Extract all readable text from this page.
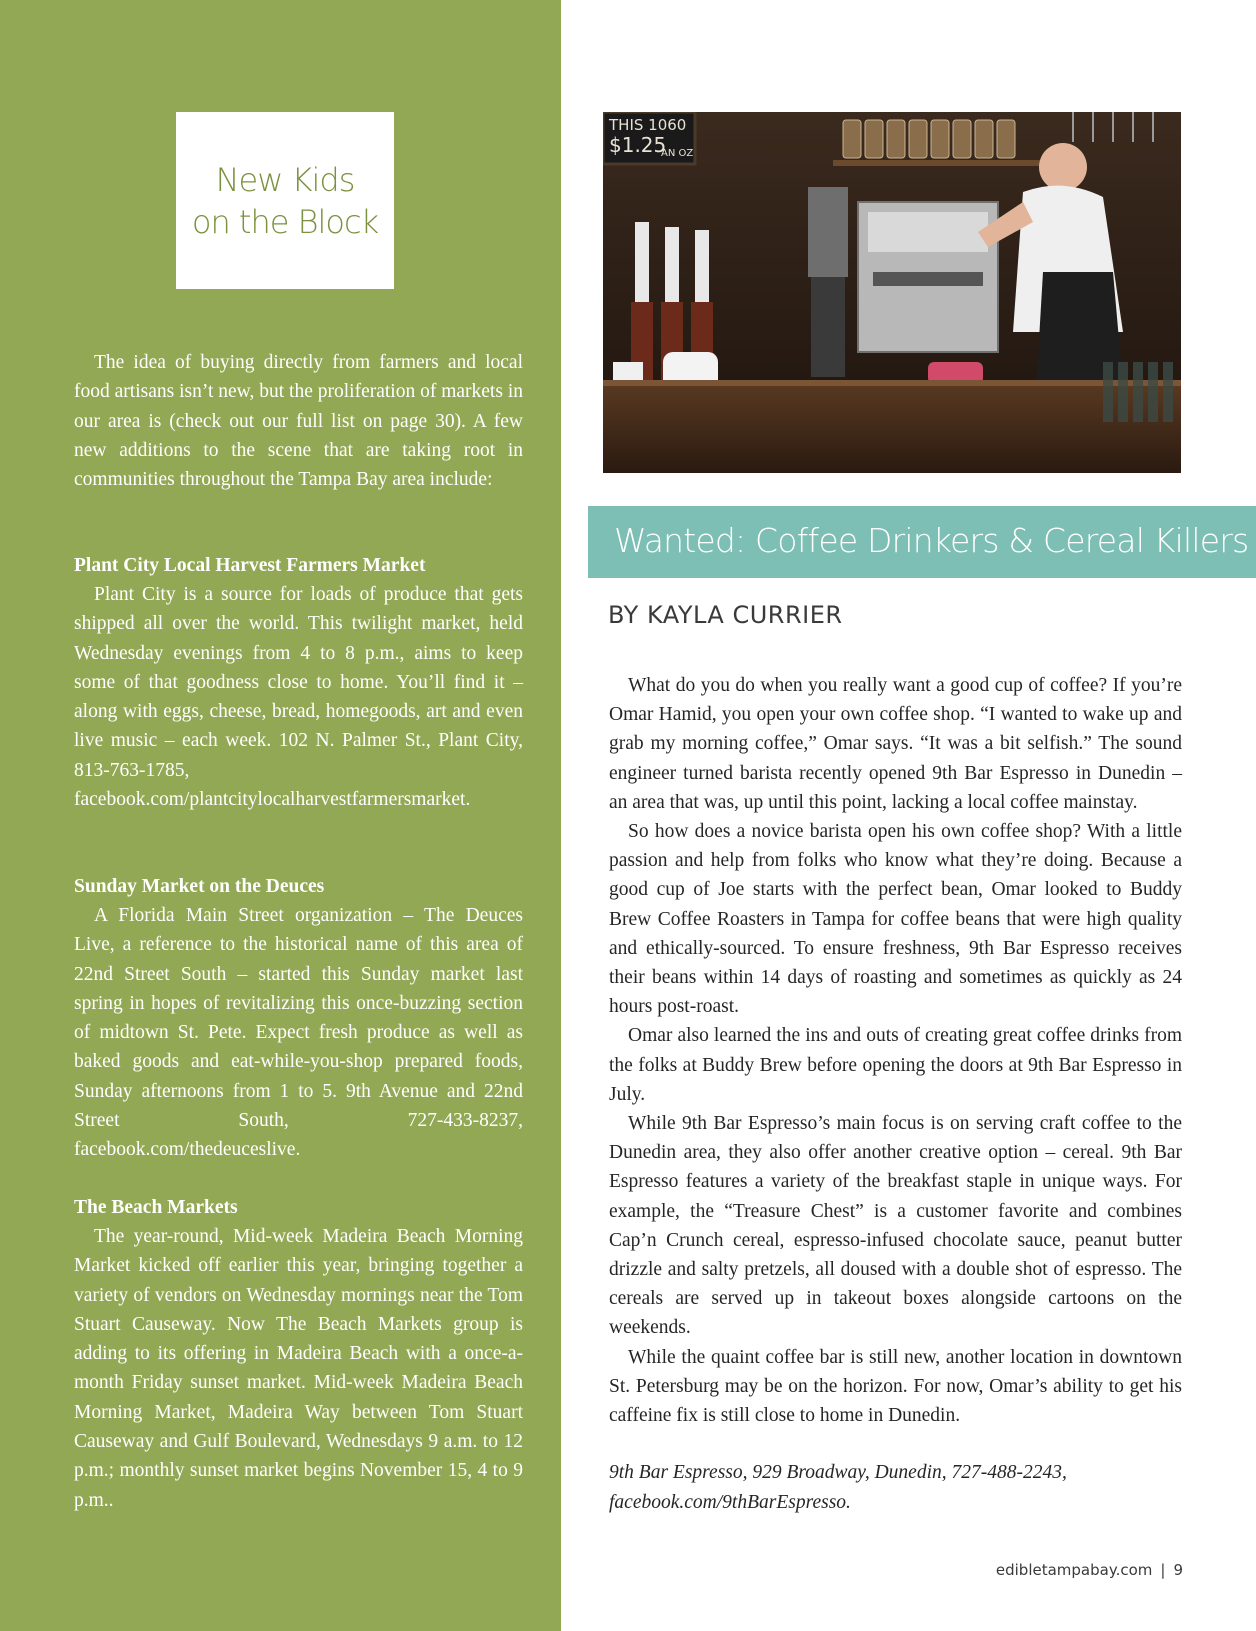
New Kids
on the Block

The idea of buying directly from farmers and local food artisans isn’t new, but the proliferation of markets in our area is (check out our full list on page 30). A few new additions to the scene that are taking root in communities throughout the Tampa Bay area include:

Plant City Local Harvest Farmers Market

Plant City is a source for loads of produce that gets shipped all over the world. This twilight market, held Wednesday evenings from 4 to 8 p.m., aims to keep some of that goodness close to home. You’ll find it – along with eggs, cheese, bread, homegoods, art and even live music – each week. 102 N. Palmer St., Plant City, 813-763-1785, facebook.com/plantcitylocalharvestfarmersmarket.

Sunday Market on the Deuces

A Florida Main Street organization – The Deuces Live, a reference to the historical name of this area of 22nd Street South – started this Sunday market last spring in hopes of revitalizing this once-buzzing section of midtown St. Pete. Expect fresh produce as well as baked goods and eat-while-you-shop prepared foods, Sunday afternoons from 1 to 5. 9th Avenue and 22nd Street South, 727-433-8237, facebook.com/thedeuceslive.

The Beach Markets

The year-round, Mid-week Madeira Beach Morning Market kicked off earlier this year, bringing together a variety of vendors on Wednesday mornings near the Tom Stuart Causeway. Now The Beach Markets group is adding to its offering in Madeira Beach with a once-a-month Friday sunset market. Mid-week Madeira Beach Morning Market, Madeira Way between Tom Stuart Causeway and Gulf Boulevard, Wednesdays 9 a.m. to 12 p.m.; monthly sunset market begins November 15, 4 to 9 p.m..

THIS 1060
$1.25
AN OZ
Wanted: Coffee Drinkers & Cereal Killers

BY KAYLA CURRIER

What do you do when you really want a good cup of coffee? If you’re Omar Hamid, you open your own coffee shop. “I wanted to wake up and grab my morning coffee,” Omar says. “It was a bit selfish.” The sound engineer turned barista recently opened 9th Bar Espresso in Dunedin – an area that was, up until this point, lacking a local coffee mainstay.

So how does a novice barista open his own coffee shop? With a little passion and help from folks who know what they’re doing. Because a good cup of Joe starts with the perfect bean, Omar looked to Buddy Brew Coffee Roasters in Tampa for coffee beans that were high quality and ethically-sourced. To ensure freshness, 9th Bar Espresso receives their beans within 14 days of roasting and sometimes as quickly as 24 hours post-roast.

Omar also learned the ins and outs of creating great coffee drinks from the folks at Buddy Brew before opening the doors at 9th Bar Espresso in July.

While 9th Bar Espresso’s main focus is on serving craft coffee to the Dunedin area, they also offer another creative option – cereal. 9th Bar Espresso features a variety of the breakfast staple in unique ways. For example, the “Treasure Chest” is a customer favorite and combines Cap’n Crunch cereal, espresso-infused chocolate sauce, peanut butter drizzle and salty pretzels, all doused with a double shot of espresso. The cereals are served up in takeout boxes alongside cartoons on the weekends.

While the quaint coffee bar is still new, another location in downtown St. Petersburg may be on the horizon. For now, Omar’s ability to get his caffeine fix is still close to home in Dunedin.

9th Bar Espresso, 929 Broadway, Dunedin, 727-488-2243,
facebook.com/9thBarEspresso.

edibletampabay.com | 9
